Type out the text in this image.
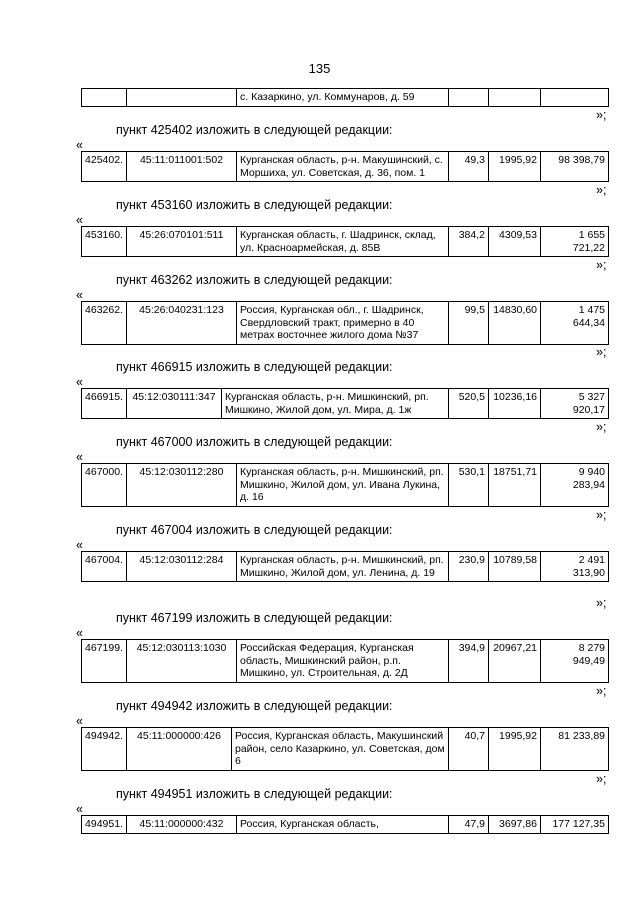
135
		с. Казаркино, ул. Коммунаров, д. 59			
»;
пункт 425402 изложить в следующей редакции:
«
425402.	45:11:011001:502	Курганская область, р-н. Макушинский, с. Моршиха, ул. Советская, д. 36, пом. 1	49,3	1995,92	98 398,79
»;
пункт 453160 изложить в следующей редакции:
«
453160.	45:26:070101:511	Курганская область, г. Шадринск, склад, ул. Красноармейская, д. 85В	384,2	4309,53	1 655 721,22
»;
пункт 463262 изложить в следующей редакции:
«
463262.	45:26:040231:123	Россия, Курганская обл., г. Шадринск, Свердловский тракт, примерно в 40 метрах восточнее жилого дома №37	99,5	14830,60	1 475 644,34
»;
пункт 466915 изложить в следующей редакции:
«
466915.	45:12:030111:347	Курганская область, р-н. Мишкинский, рп. Мишкино, Жилой дом, ул. Мира, д. 1ж	520,5	10236,16	5 327 920,17
»;
пункт 467000 изложить в следующей редакции:
«
467000.	45:12:030112:280	Курганская область, р-н. Мишкинский, рп. Мишкино, Жилой дом, ул. Ивана Лукина, д. 16	530,1	18751,71	9 940 283,94
»;
пункт 467004 изложить в следующей редакции:
«
467004.	45:12:030112:284	Курганская область, р-н. Мишкинский, рп. Мишкино, Жилой дом, ул. Ленина, д. 19	230,9	10789,58	2 491 313,90
»;
пункт 467199 изложить в следующей редакции:
«
467199.	45:12:030113:1030	Российская Федерация, Курганская область, Мишкинский район, р.п. Мишкино, ул. Строительная, д. 2Д	394,9	20967,21	8 279 949,49
»;
пункт 494942 изложить в следующей редакции:
«
494942.	45:11:000000:426	Россия, Курганская область, Макушинский район, село Казаркино, ул. Советская, дом 6	40,7	1995,92	81 233,89
»;
пункт 494951 изложить в следующей редакции:
«
494951.	45:11:000000:432	Россия, Курганская область,	47,9	3697,86	177 127,35
